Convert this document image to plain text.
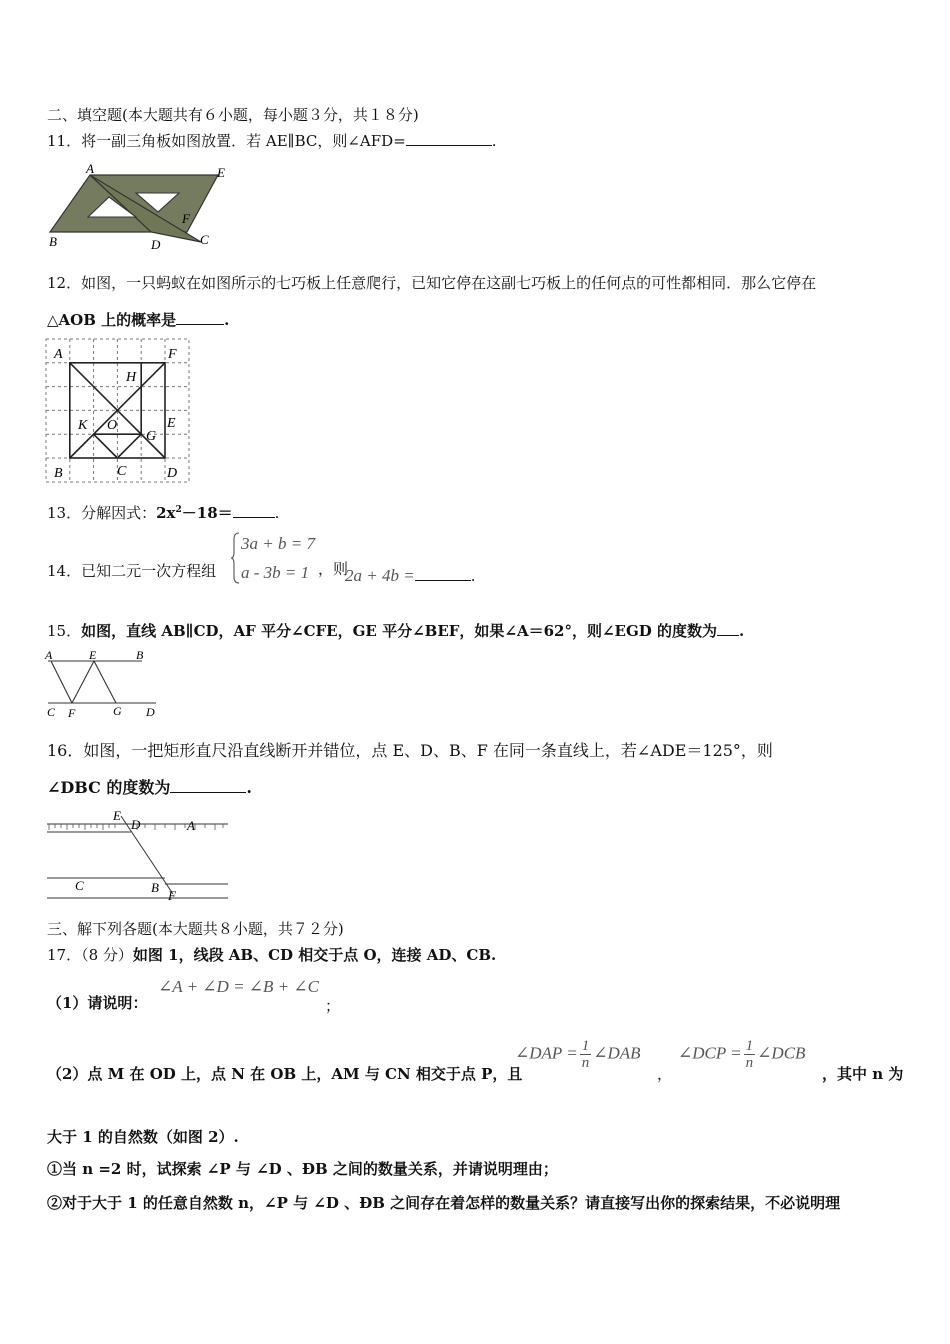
二、填空题(本大题共有６小题，每小题３分，共１８分)
11．将一副三角板如图放置．若 AE∥BC，则∠AFD=	.
A	E
F
B	D	C
12．如图，一只蚂蚁在如图所示的七巧板上任意爬行，已知它停在这副七巧板上的任何点的可性都相同．那么它停在
△AOB 上的概率是	.
A	F
H
K O
G
E
B	C	D
13．分解因式：$2x^2-18=$	.
14．已知二元一次方程组
3a + b = 7
a - 3b = 1 ，则
2a + 4b =	.
15．如图，直线 AB∥CD，AF 平分∠CFE，GE 平分∠BEF，如果∠A＝62°，则∠EGD 的度数为 .
A	E	B
C F	G D
16．如图，一把矩形直尺沿直线断开并错位，点 E、D、B、F 在同一条直线上，若∠ADE＝125°，则
∠DBC 的度数为	.
E
D	A
C	B
F
三、解下列各题(本大题共８小题，共７２分)
17．（8 分）如图 1，线段 AB、CD 相交于点 O，连接 AD、CB.
（1）请说明：
∠A + ∠D = ∠B + ∠C
；
（2）点 M 在 OD 上，点 N 在 OB 上，AM 与 CN 相交于点 P，且
∠DAP = $\frac{1}{n}$ ∠DAB
，
∠DCP = $\frac{1}{n}$ ∠DCB
，其中 n 为
大于 1 的自然数（如图 2）.
①当 n =2 时，试探索 ∠P 与 ∠D 、ÐB 之间的数量关系，并请说明理由；
②对于大于 1 的任意自然数 n，∠P 与 ∠D 、ÐB 之间存在着怎样的数量关系？请直接写出你的探索结果，不必说明理
